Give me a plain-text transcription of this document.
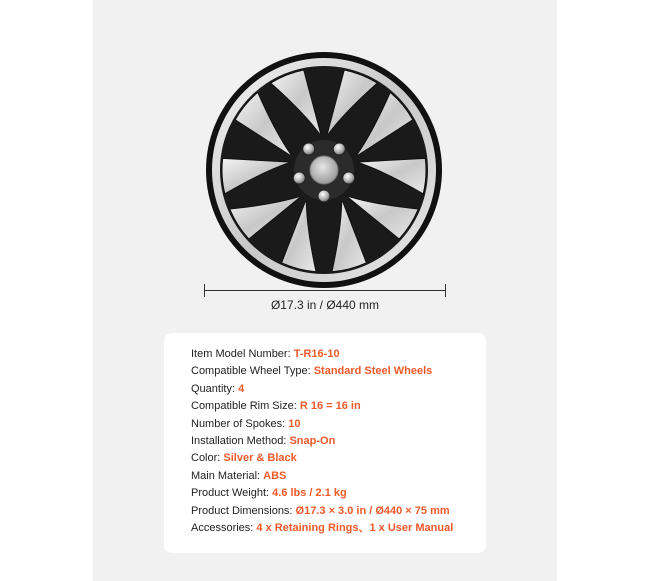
Ø17.3 in / Ø440 mm
Item Model Number: T-R16-10
Compatible Wheel Type: Standard Steel Wheels
Quantity: 4
Compatible Rim Size: R 16 = 16 in
Number of Spokes: 10
Installation Method: Snap-On
Color: Silver & Black
Main Material: ABS
Product Weight: 4.6 lbs / 2.1 kg
Product Dimensions: Ø17.3 × 3.0 in / Ø440 × 75 mm
Accessories: 4 x Retaining Rings、1 x User Manual
